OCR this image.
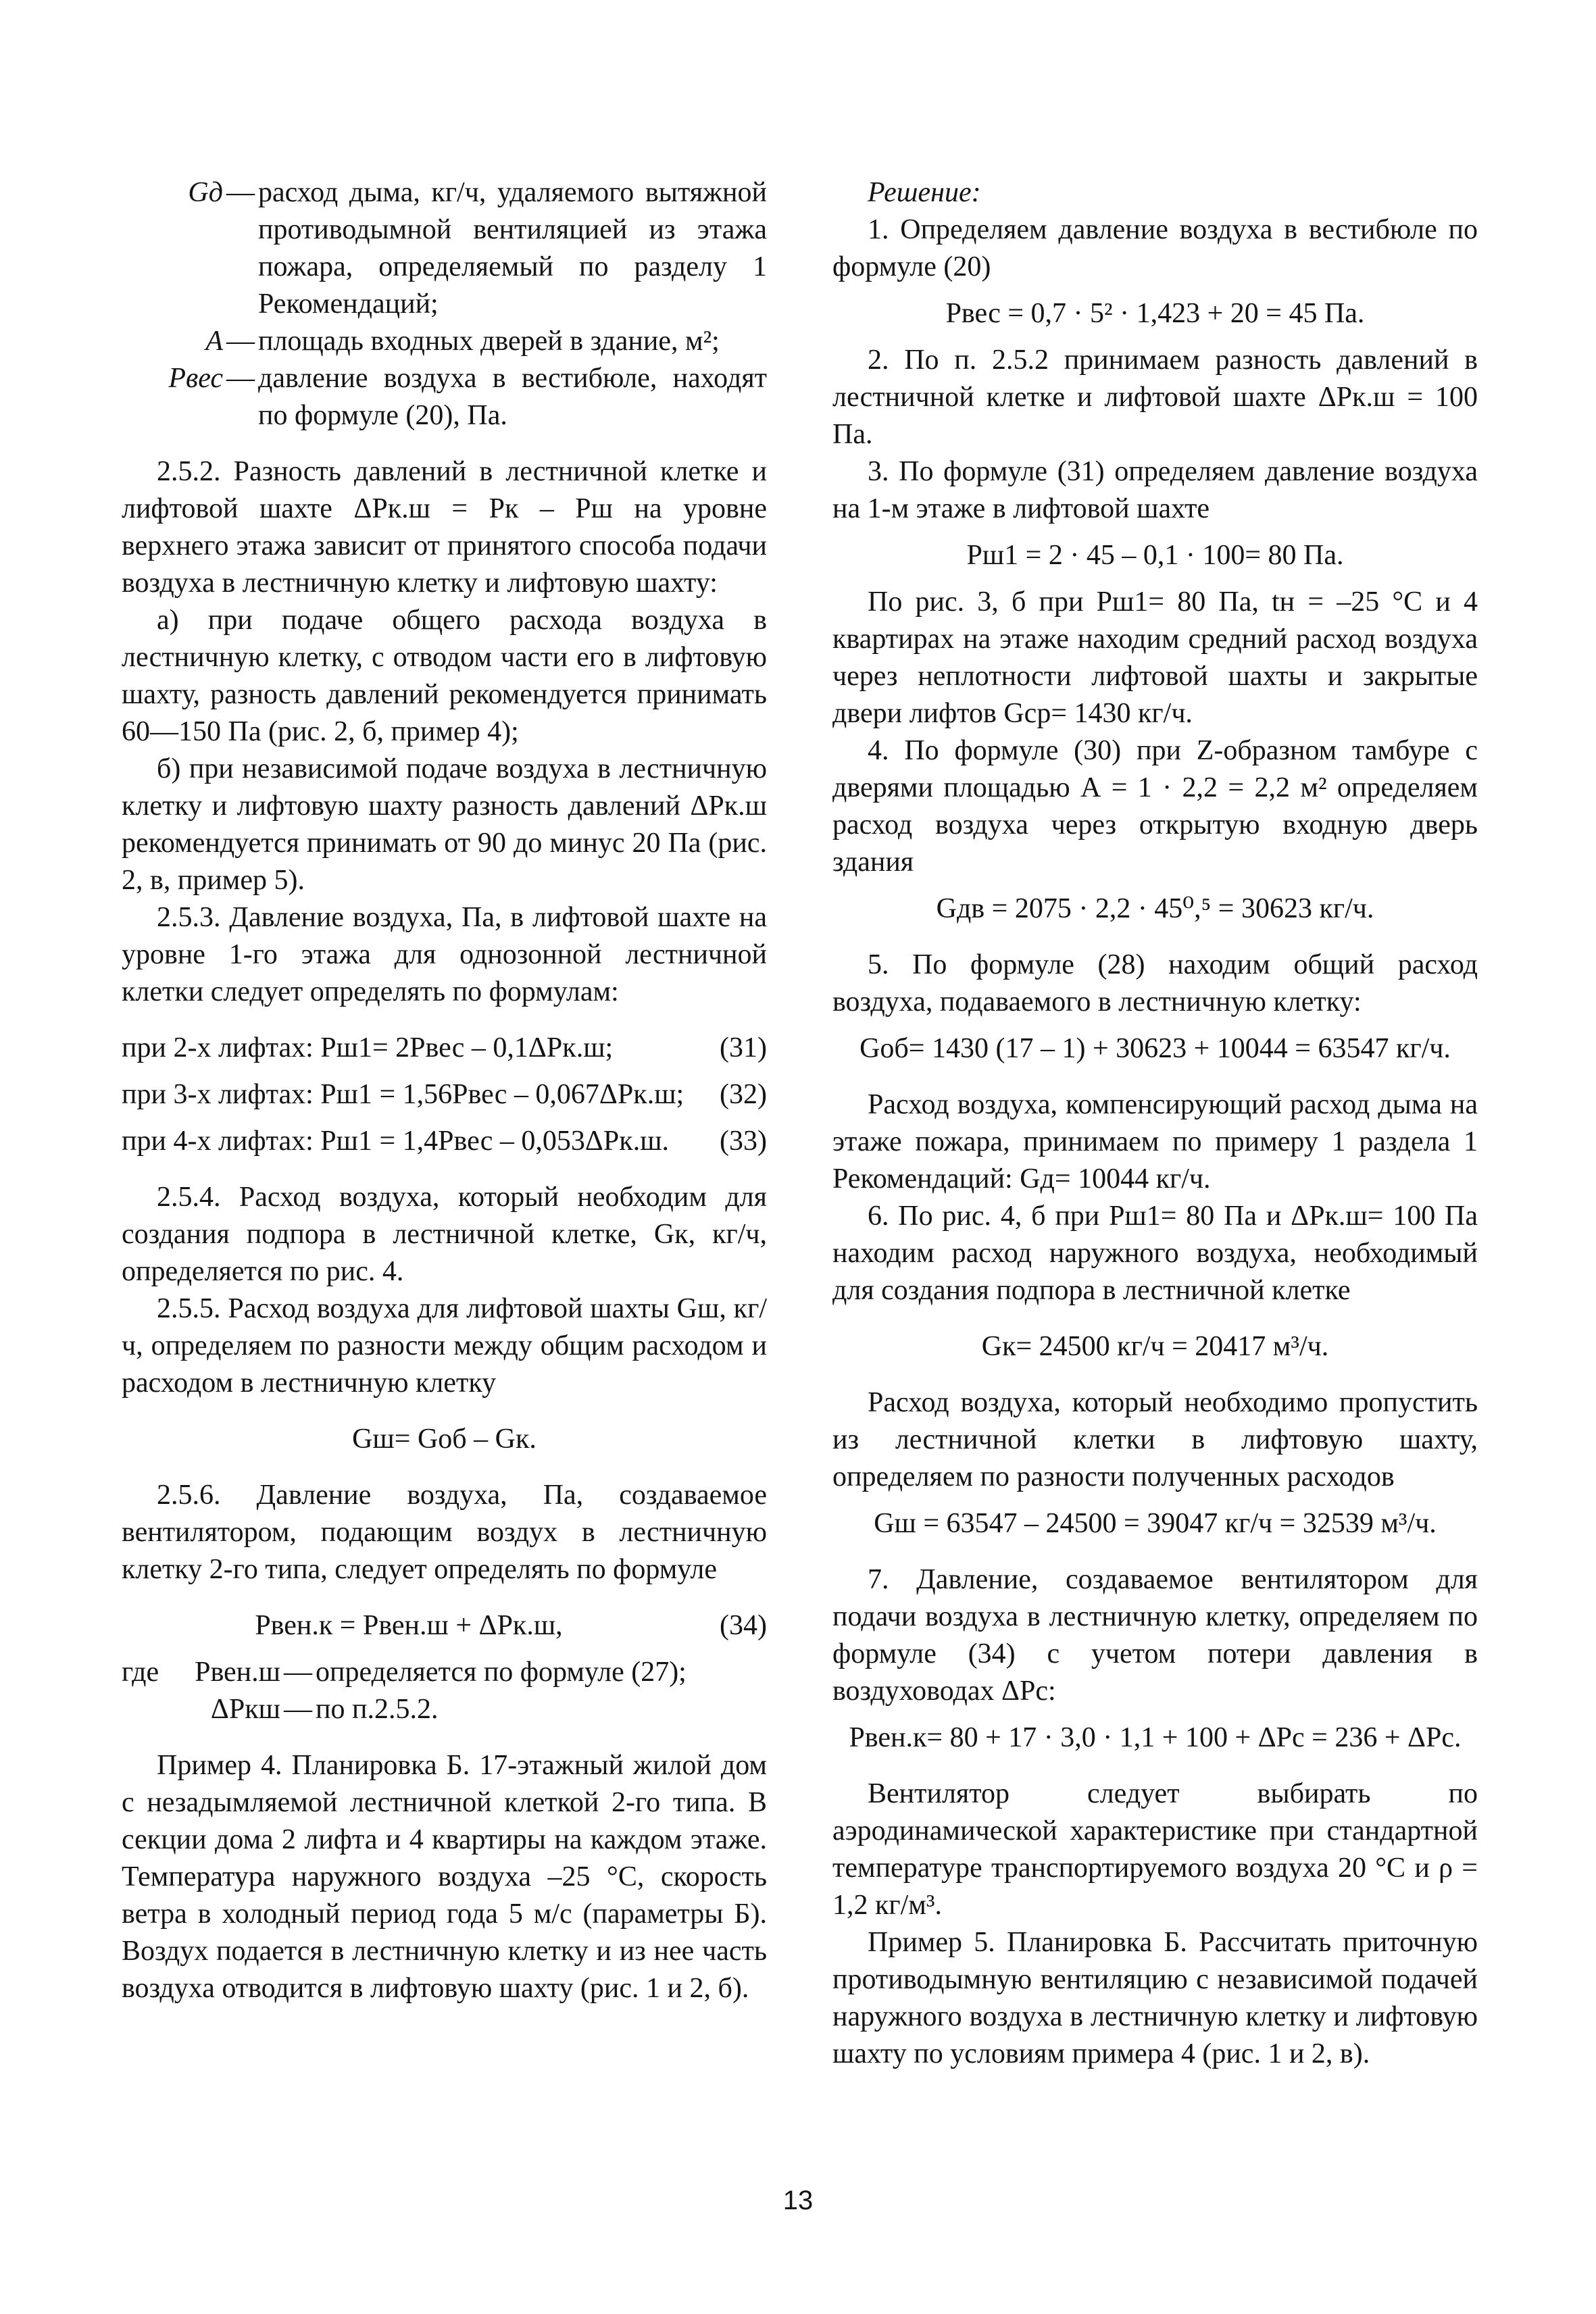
Gд — расход дыма, кг/ч, удаляемого вытяжной противодымной вентиляцией из этажа пожара, определяемый по разделу 1 Рекомендаций;
A — площадь входных дверей в здание, м²;
Pвес — давление воздуха в вестибюле, находят по формуле (20), Па.

2.5.2. Разность давлений в лестничной клетке и лифтовой шахте ΔPк.ш = Pк – Pш на уровне верхнего этажа зависит от принятого способа подачи воздуха в лестничную клетку и лифтовую шахту:

а) при подаче общего расхода воздуха в лестничную клетку, с отводом части его в лифтовую шахту, разность давлений рекомендуется принимать 60—150 Па (рис. 2, б, пример 4);

б) при независимой подаче воздуха в лестничную клетку и лифтовую шахту разность давлений ΔPк.ш рекомендуется принимать от 90 до минус 20 Па (рис. 2, в, пример 5).

2.5.3. Давление воздуха, Па, в лифтовой шахте на уровне 1-го этажа для однозонной лестничной клетки следует определять по формулам:

при 2-х лифтах: Pш1= 2Pвес – 0,1ΔPк.ш;	(31)
при 3-х лифтах: Pш1 = 1,56Pвес – 0,067ΔPк.ш;	(32)
при 4-х лифтах: Pш1 = 1,4Pвес – 0,053ΔPк.ш.	(33)

2.5.4. Расход воздуха, который необходим для создания подпора в лестничной клетке, Gк, кг/ч, определяется по рис. 4.

2.5.5. Расход воздуха для лифтовой шахты Gш, кг/ч, определяем по разности между общим расходом и расходом в лестничную клетку

Gш= Gоб – Gк.

2.5.6. Давление воздуха, Па, создаваемое вентилятором, подающим воздух в лестничную клетку 2-го типа, следует определять по формуле

Pвен.к = Pвен.ш + ΔPк.ш,	(34)
где	Pвен.ш — определяется по формуле (27);
ΔPкш — по п.2.5.2.

Пример 4. Планировка Б. 17-этажный жилой дом с незадымляемой лестничной клеткой 2-го типа. В секции дома 2 лифта и 4 квартиры на каждом этаже. Температура наружного воздуха –25 °С, скорость ветра в холодный период года 5 м/с (параметры Б). Воздух подается в лестничную клетку и из нее часть воздуха отводится в лифтовую шахту (рис. 1 и 2, б).

Решение:

1. Определяем давление воздуха в вестибюле по формуле (20)

Pвес = 0,7 · 5² · 1,423 + 20 = 45 Па.

2. По п. 2.5.2 принимаем разность давлений в лестничной клетке и лифтовой шахте ΔPк.ш = 100 Па.

3. По формуле (31) определяем давление воздуха на 1-м этаже в лифтовой шахте

Pш1 = 2 · 45 – 0,1 · 100= 80 Па.

По рис. 3, б при Pш1= 80 Па, tн = –25 °С и 4 квартирах на этаже находим средний расход воздуха через неплотности лифтовой шахты и закрытые двери лифтов Gср= 1430 кг/ч.

4. По формуле (30) при Z-образном тамбуре с дверями площадью А = 1 · 2,2 = 2,2 м² определяем расход воздуха через открытую входную дверь здания

Gдв = 2075 · 2,2 · 45⁰,⁵ = 30623 кг/ч.

5. По формуле (28) находим общий расход воздуха, подаваемого в лестничную клетку:

Gоб= 1430 (17 – 1) + 30623 + 10044 = 63547 кг/ч.

Расход воздуха, компенсирующий расход дыма на этаже пожара, принимаем по примеру 1 раздела 1 Рекомендаций: Gд= 10044 кг/ч.

6. По рис. 4, б при Pш1= 80 Па и ΔPк.ш= 100 Па находим расход наружного воздуха, необходимый для создания подпора в лестничной клетке

Gк= 24500 кг/ч = 20417 м³/ч.

Расход воздуха, который необходимо пропустить из лестничной клетки в лифтовую шахту, определяем по разности полученных расходов

Gш = 63547 – 24500 = 39047 кг/ч = 32539 м³/ч.

7. Давление, создаваемое вентилятором для подачи воздуха в лестничную клетку, определяем по формуле (34) с учетом потери давления в воздуховодах ΔPс:

Pвен.к= 80 + 17 · 3,0 · 1,1 + 100 + ΔPс = 236 + ΔPс.

Вентилятор следует выбирать по аэродинамической характеристике при стандартной температуре транспортируемого воздуха 20 °С и ρ = 1,2 кг/м³.

Пример 5. Планировка Б. Рассчитать приточную противодымную вентиляцию с независимой подачей наружного воздуха в лестничную клетку и лифтовую шахту по условиям примера 4 (рис. 1 и 2, в).

13
